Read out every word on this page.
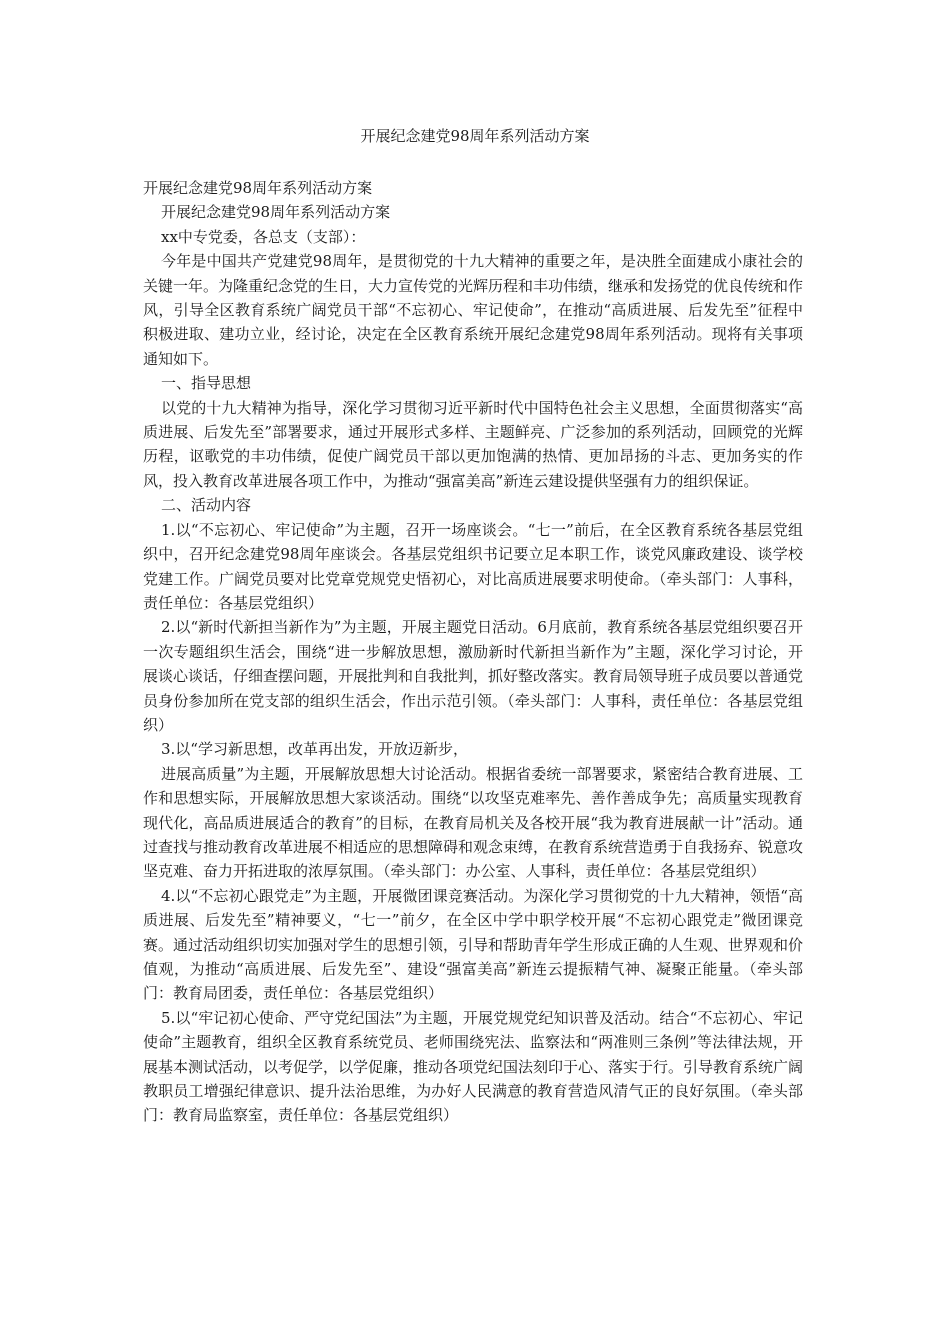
开展纪念建党98周年系列活动方案

开展纪念建党98周年系列活动方案

开展纪念建党98周年系列活动方案

xx中专党委，各总支（支部）：

今年是中国共产党建党98周年，是贯彻党的十九大精神的重要之年，是决胜全面建成小康社会的关键一年。为隆重纪念党的生日，大力宣传党的光辉历程和丰功伟绩，继承和发扬党的优良传统和作风，引导全区教育系统广阔党员干部“不忘初心、牢记使命”，在推动“高质进展、后发先至”征程中积极进取、建功立业，经讨论，决定在全区教育系统开展纪念建党98周年系列活动。现将有关事项通知如下。

一、指导思想

以党的十九大精神为指导，深化学习贯彻习近平新时代中国特色社会主义思想，全面贯彻落实“高质进展、后发先至”部署要求，通过开展形式多样、主题鲜亮、广泛参加的系列活动，回顾党的光辉历程，讴歌党的丰功伟绩，促使广阔党员干部以更加饱满的热情、更加昂扬的斗志、更加务实的作风，投入教育改革进展各项工作中，为推动“强富美高”新连云建设提供坚强有力的组织保证。

二、活动内容

1.以“不忘初心、牢记使命”为主题，召开一场座谈会。“七一”前后，在全区教育系统各基层党组织中，召开纪念建党98周年座谈会。各基层党组织书记要立足本职工作，谈党风廉政建设、谈学校党建工作。广阔党员要对比党章党规党史悟初心，对比高质进展要求明使命。（牵头部门：人事科，责任单位：各基层党组织）

2.以“新时代新担当新作为”为主题，开展主题党日活动。6月底前，教育系统各基层党组织要召开一次专题组织生活会，围绕“进一步解放思想，激励新时代新担当新作为”主题，深化学习讨论，开展谈心谈话，仔细查摆问题，开展批判和自我批判，抓好整改落实。教育局领导班子成员要以普通党员身份参加所在党支部的组织生活会，作出示范引领。（牵头部门：人事科，责任单位：各基层党组织）

3.以“学习新思想，改革再出发，开放迈新步，

进展高质量”为主题，开展解放思想大讨论活动。根据省委统一部署要求，紧密结合教育进展、工作和思想实际，开展解放思想大家谈活动。围绕“以攻坚克难率先、善作善成争先；高质量实现教育现代化，高品质进展适合的教育”的目标，在教育局机关及各校开展“我为教育进展献一计”活动。通过查找与推动教育改革进展不相适应的思想障碍和观念束缚，在教育系统营造勇于自我扬弃、锐意攻坚克难、奋力开拓进取的浓厚氛围。（牵头部门：办公室、人事科，责任单位：各基层党组织）

4.以“不忘初心跟党走”为主题，开展微团课竞赛活动。为深化学习贯彻党的十九大精神，领悟“高质进展、后发先至”精神要义，“七一”前夕，在全区中学中职学校开展“不忘初心跟党走”微团课竞赛。通过活动组织切实加强对学生的思想引领，引导和帮助青年学生形成正确的人生观、世界观和价值观，为推动“高质进展、后发先至”、建设“强富美高”新连云提振精气神、凝聚正能量。（牵头部门：教育局团委，责任单位：各基层党组织）

5.以“牢记初心使命、严守党纪国法”为主题，开展党规党纪知识普及活动。结合“不忘初心、牢记使命”主题教育，组织全区教育系统党员、老师围绕宪法、监察法和“两准则三条例”等法律法规，开展基本测试活动，以考促学，以学促廉，推动各项党纪国法刻印于心、落实于行。引导教育系统广阔教职员工增强纪律意识、提升法治思维，为办好人民满意的教育营造风清气正的良好氛围。（牵头部门：教育局监察室，责任单位：各基层党组织）
